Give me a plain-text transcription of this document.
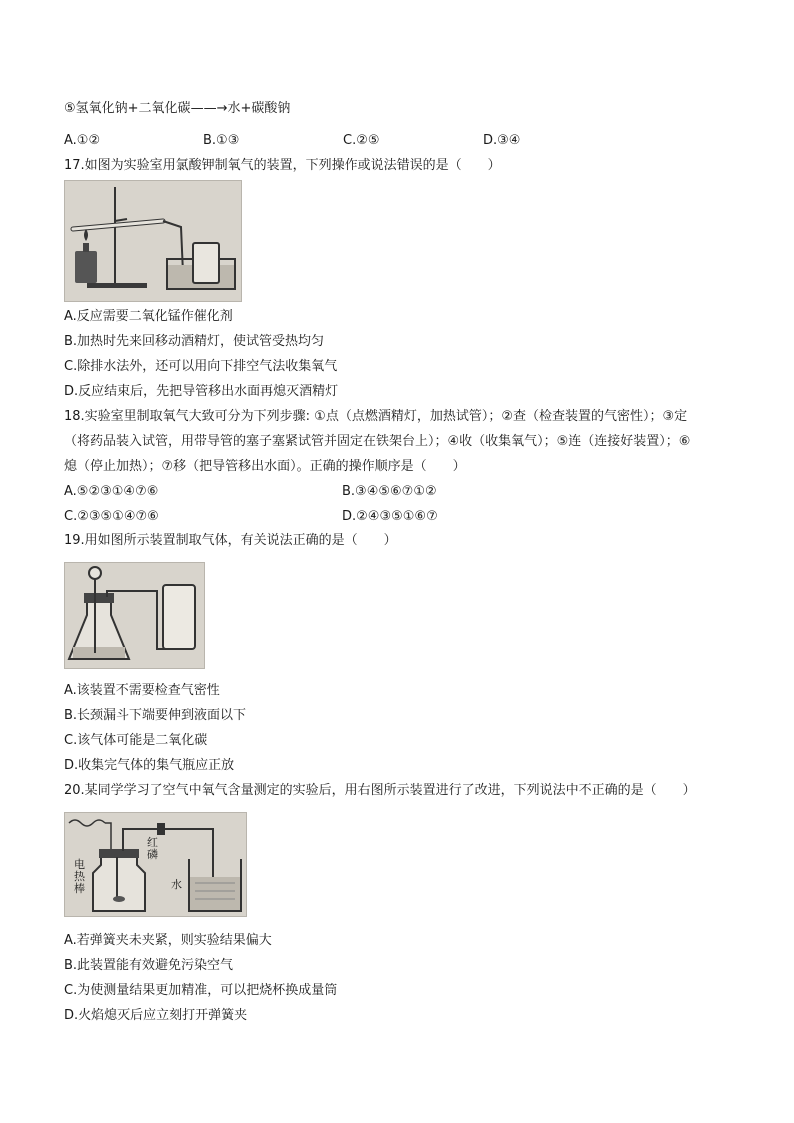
⑤氢氧化钠+二氧化碳——→水+碳酸钠
A.①②	B.①③	C.②⑤	D.③④
17.如图为实验室用氯酸钾制氧气的装置，下列操作或说法错误的是（　　）
A.反应需要二氧化锰作催化剂
B.加热时先来回移动酒精灯，使试管受热均匀
C.除排水法外，还可以用向下排空气法收集氧气
D.反应结束后，先把导管移出水面再熄灭酒精灯
18.实验室里制取氧气大致可分为下列步骤: ①点（点燃酒精灯，加热试管）；②查（检查装置的气密性）；③定
（将药品装入试管，用带导管的塞子塞紧试管并固定在铁架台上）；④收（收集氧气）；⑤连（连接好装置）；⑥
熄（停止加热）；⑦移（把导管移出水面）。正确的操作顺序是（　　）
A.⑤②③①④⑦⑥	B.③④⑤⑥⑦①②
C.②③⑤①④⑦⑥	D.②④③⑤①⑥⑦
19.用如图所示装置制取气体，有关说法正确的是（　　）
A.该装置不需要检查气密性
B.长颈漏斗下端要伸到液面以下
C.该气体可能是二氧化碳
D.收集完气体的集气瓶应正放
20.某同学学习了空气中氧气含量测定的实验后，用右图所示装置进行了改进，下列说法中不正确的是（　　）
电热棒
红磷
水
A.若弹簧夹未夹紧，则实验结果偏大
B.此装置能有效避免污染空气
C.为使测量结果更加精准，可以把烧杯换成量筒
D.火焰熄灭后应立刻打开弹簧夹
